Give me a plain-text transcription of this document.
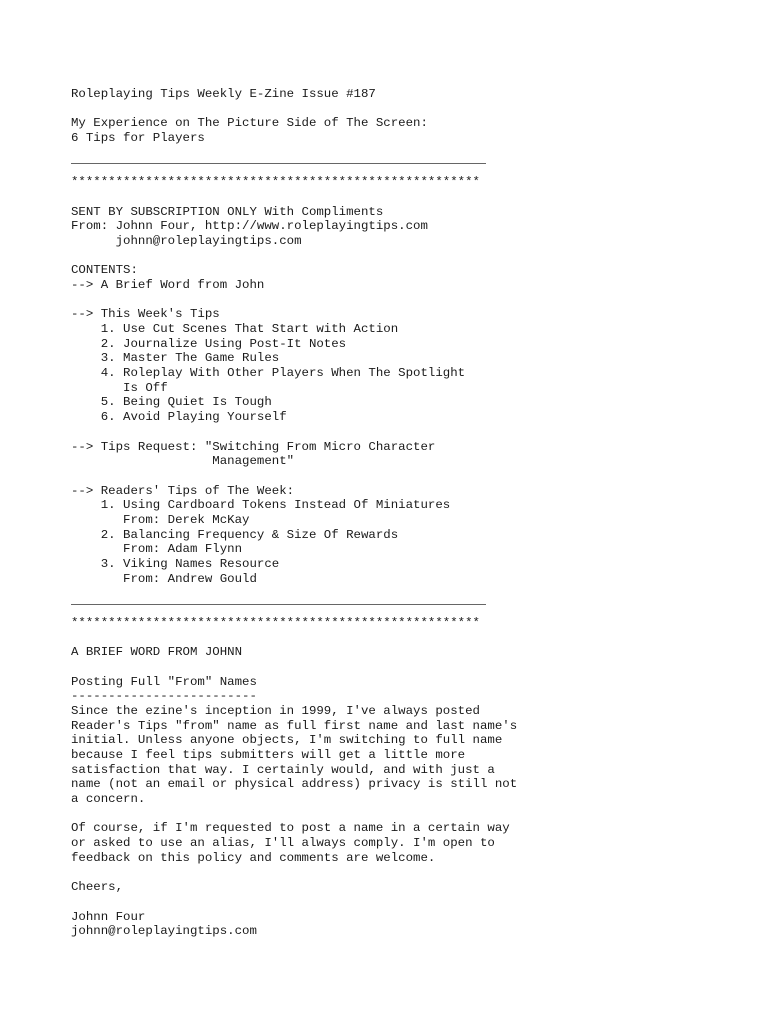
Roleplaying Tips Weekly E-Zine Issue #187
My Experience on The Picture Side of The Screen:
6 Tips for Players
*******************************************************
SENT BY SUBSCRIPTION ONLY With Compliments
From: Johnn Four, http://www.roleplayingtips.com
johnn@roleplayingtips.com
CONTENTS:
--> A Brief Word from John
--> This Week's Tips
1. Use Cut Scenes That Start with Action
2. Journalize Using Post-It Notes
3. Master The Game Rules
4. Roleplay With Other Players When The Spotlight
Is Off
5. Being Quiet Is Tough
6. Avoid Playing Yourself
--> Tips Request: "Switching From Micro Character
Management"
--> Readers' Tips of The Week:
1. Using Cardboard Tokens Instead Of Miniatures
From: Derek McKay
2. Balancing Frequency & Size Of Rewards
From: Adam Flynn
3. Viking Names Resource
From: Andrew Gould
*******************************************************
A BRIEF WORD FROM JOHNN
Posting Full "From" Names
-------------------------
Since the ezine's inception in 1999, I've always posted
Reader's Tips "from" name as full first name and last name's
initial. Unless anyone objects, I'm switching to full name
because I feel tips submitters will get a little more
satisfaction that way. I certainly would, and with just a
name (not an email or physical address) privacy is still not
a concern.
Of course, if I'm requested to post a name in a certain way
or asked to use an alias, I'll always comply. I'm open to
feedback on this policy and comments are welcome.
Cheers,
Johnn Four
johnn@roleplayingtips.com
